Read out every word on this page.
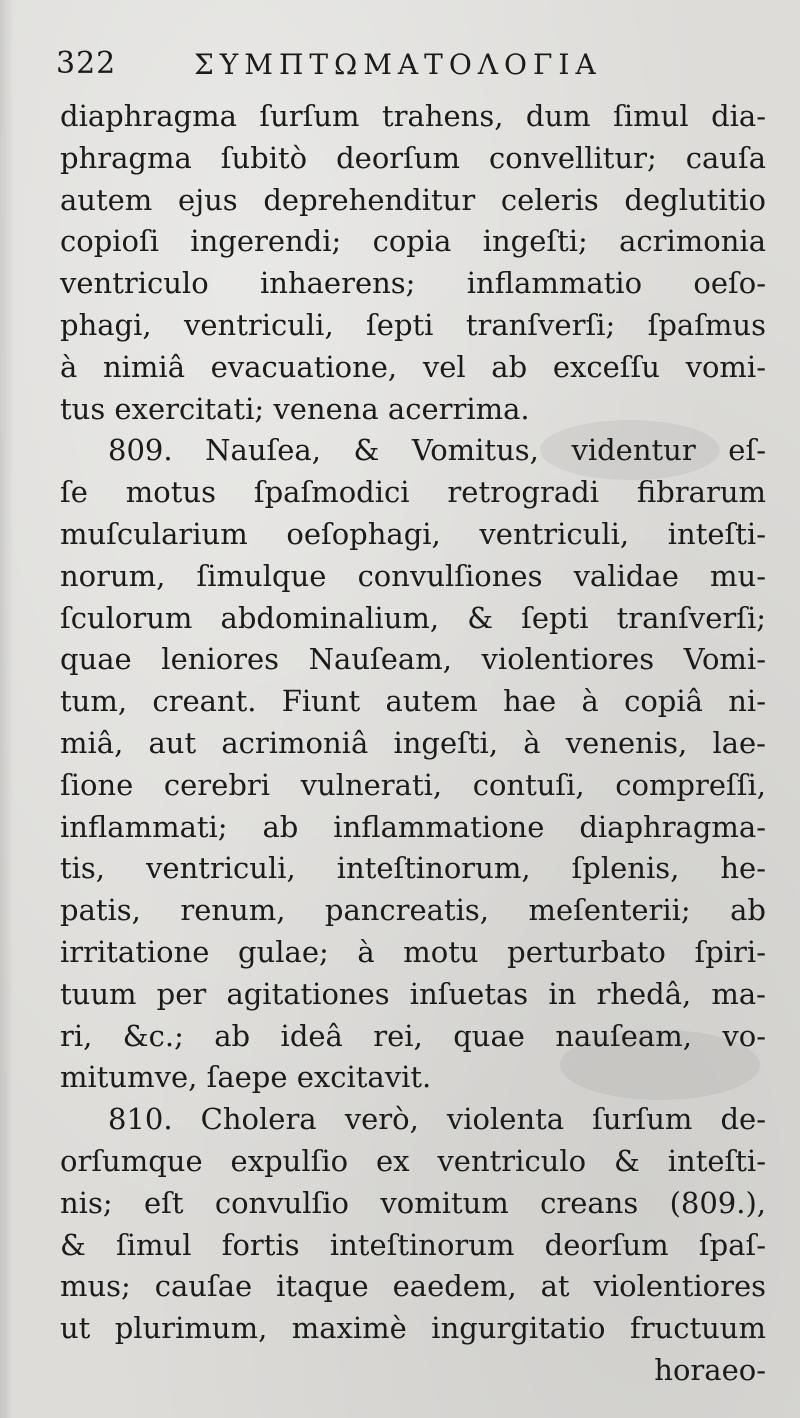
322	ΣΥΜΠΤΩΜΑΤΟΛΟΓΙΑ
diaphragma ſurſum trahens, dum ſimul dia-
phragma ſubitò deorſum convellitur; cauſa
autem ejus deprehenditur celeris deglutitio
copioſi ingerendi; copia ingeſti; acrimonia
ventriculo inhaerens; inflammatio oeſo-
phagi, ventriculi, ſepti tranſverſi; ſpaſmus
à nimiâ evacuatione, vel ab exceſſu vomi-
tus exercitati; venena acerrima.
809. Nauſea, & Vomitus, videntur eſ-
ſe motus ſpaſmodici retrogradi fibrarum
muſcularium oeſophagi, ventriculi, inteſti-
norum, ſimulque convulſiones validae mu-
ſculorum abdominalium, & ſepti tranſverſi;
quae leniores Nauſeam, violentiores Vomi-
tum, creant. Fiunt autem hae à copiâ ni-
miâ, aut acrimoniâ ingeſti, à venenis, lae-
ſione cerebri vulnerati, contuſi, compreſſi,
inflammati; ab inflammatione diaphragma-
tis, ventriculi, inteſtinorum, ſplenis, he-
patis, renum, pancreatis, meſenterii; ab
irritatione gulae; à motu perturbato ſpiri-
tuum per agitationes inſuetas in rhedâ, ma-
ri, &c.; ab ideâ rei, quae nauſeam, vo-
mitumve, ſaepe excitavit.
810. Cholera verò, violenta ſurſum de-
orſumque expulſio ex ventriculo & inteſti-
nis; eſt convulſio vomitum creans (809.),
& ſimul fortis inteſtinorum deorſum ſpaſ-
mus; cauſae itaque eaedem, at violentiores
ut plurimum, maximè ingurgitatio fructuum
horaeo-
